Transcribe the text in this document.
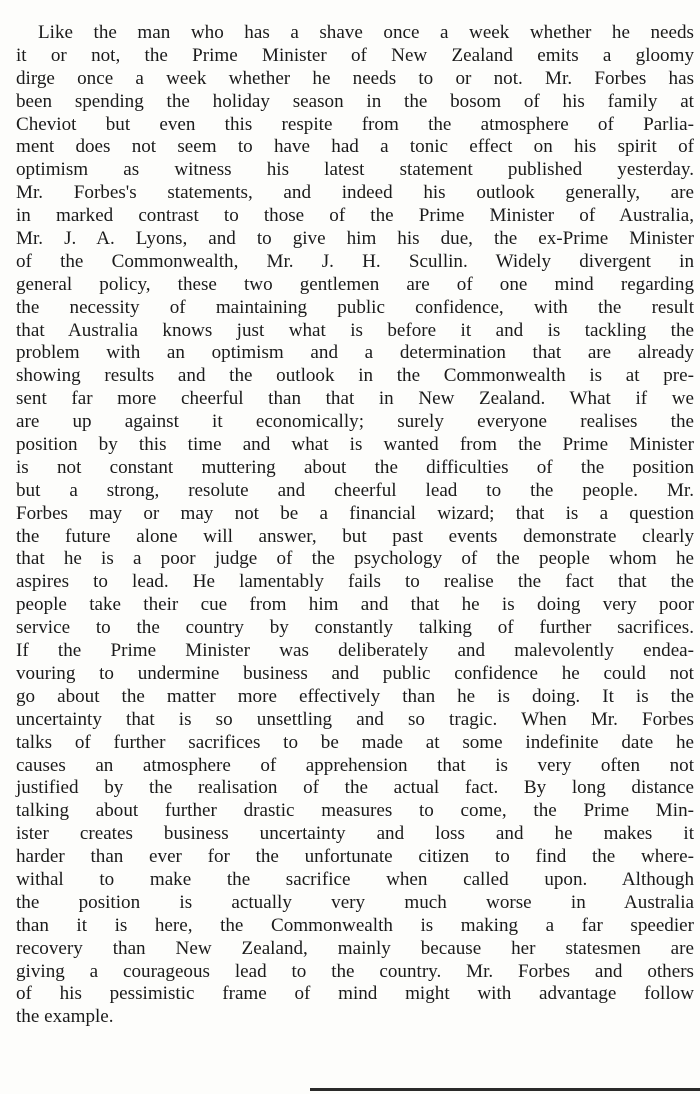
Like the man who has a shave once a week whether he needs
it or not, the Prime Minister of New Zealand emits a gloomy
dirge once a week whether he needs to or not. Mr. Forbes has
been spending the holiday season in the bosom of his family at
Cheviot but even this respite from the atmosphere of Parlia-
ment does not seem to have had a tonic effect on his spirit of
optimism as witness his latest statement published yesterday.
Mr. Forbes's statements, and indeed his outlook generally, are
in marked contrast to those of the Prime Minister of Australia,
Mr. J. A. Lyons, and to give him his due, the ex-Prime Minister
of the Commonwealth, Mr. J. H. Scullin. Widely divergent in
general policy, these two gentlemen are of one mind regarding
the necessity of maintaining public confidence, with the result
that Australia knows just what is before it and is tackling the
problem with an optimism and a determination that are already
showing results and the outlook in the Commonwealth is at pre-
sent far more cheerful than that in New Zealand. What if we
are up against it economically; surely everyone realises the
position by this time and what is wanted from the Prime Minister
is not constant muttering about the difficulties of the position
but a strong, resolute and cheerful lead to the people. Mr.
Forbes may or may not be a financial wizard; that is a question
the future alone will answer, but past events demonstrate clearly
that he is a poor judge of the psychology of the people whom he
aspires to lead. He lamentably fails to realise the fact that the
people take their cue from him and that he is doing very poor
service to the country by constantly talking of further sacrifices.
If the Prime Minister was deliberately and malevolently endea-
vouring to undermine business and public confidence he could not
go about the matter more effectively than he is doing. It is the
uncertainty that is so unsettling and so tragic. When Mr. Forbes
talks of further sacrifices to be made at some indefinite date he
causes an atmosphere of apprehension that is very often not
justified by the realisation of the actual fact. By long distance
talking about further drastic measures to come, the Prime Min-
ister creates business uncertainty and loss and he makes it
harder than ever for the unfortunate citizen to find the where-
withal to make the sacrifice when called upon. Although
the position is actually very much worse in Australia
than it is here, the Commonwealth is making a far speedier
recovery than New Zealand, mainly because her statesmen are
giving a courageous lead to the country. Mr. Forbes and others
of his pessimistic frame of mind might with advantage follow
the example.
